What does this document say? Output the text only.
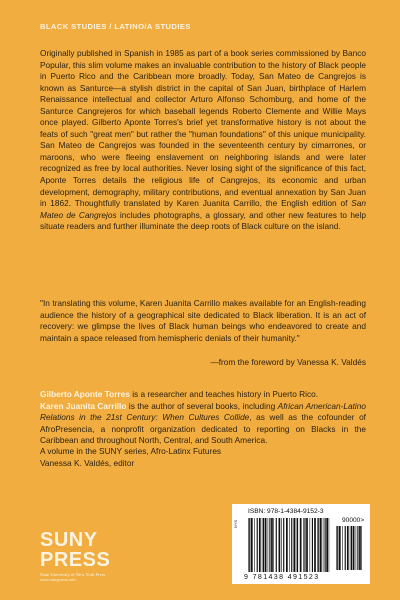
BLACK STUDIES / LATINO/A STUDIES

Originally published in Spanish in 1985 as part of a book series commissioned by Banco Popular, this slim volume makes an invaluable contribution to the history of Black people in Puerto Rico and the Caribbean more broadly. Today, San Mateo de Cangrejos is known as Santurce—a stylish district in the capital of San Juan, birthplace of Harlem Renaissance intellectual and collector Arturo Alfonso Schomburg, and home of the Santurce Cangrejeros for which baseball legends Roberto Clemente and Willie Mays once played. Gilberto Aponte Torres's brief yet transformative history is not about the feats of such "great men" but rather the "human foundations" of this unique municipality. San Mateo de Cangrejos was founded in the seventeenth century by cimarrones, or maroons, who were fleeing enslavement on neighboring islands and were later recognized as free by local authorities. Never losing sight of the significance of this fact, Aponte Torres details the religious life of Cangrejos, its economic and urban development, demography, military contributions, and eventual annexation by San Juan in 1862. Thoughtfully translated by Karen Juanita Carrillo, the English edition of San Mateo de Cangrejos includes photographs, a glossary, and other new features to help situate readers and further illuminate the deep roots of Black culture on the island.

"In translating this volume, Karen Juanita Carrillo makes available for an English-reading audience the history of a geographical site dedicated to Black liberation. It is an act of recovery: we glimpse the lives of Black human beings who endeavored to create and maintain a space released from hemispheric denials of their humanity."

—from the foreword by Vanessa K. Valdés

Gilberto Aponte Torres is a researcher and teaches history in Puerto Rico.
Karen Juanita Carrillo is the author of several books, including African American-Latino Relations in the 21st Century: When Cultures Collide, as well as the cofounder of AfroPresencia, a nonprofit organization dedicated to reporting on Blacks in the Caribbean and throughout North, Central, and South America.

A volume in the SUNY series, Afro-Latinx Futures
Vanessa K. Valdés, editor
SUNY
PRESS
State University of New York Press
www.sunypress.edu
ISBN: 978-1-4384-9152-3
NYS	90000>
9 781438 491523
